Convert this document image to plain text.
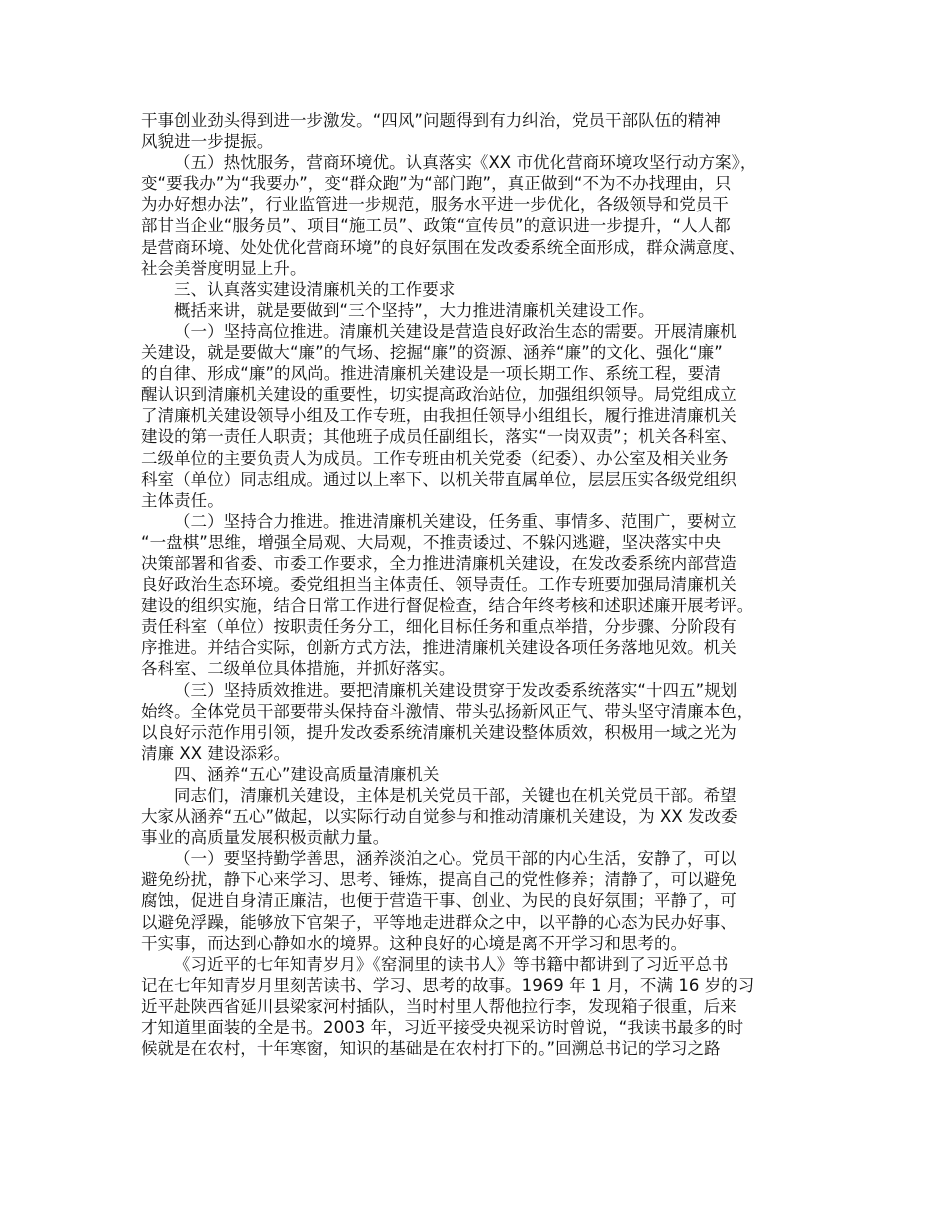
干事创业劲头得到进一步激发。“四风”问题得到有力纠治，党员干部队伍的精神
风貌进一步提振。
（五）热忱服务，营商环境优。认真落实《XX 市优化营商环境攻坚行动方案》，
变“要我办”为“我要办”，变“群众跑”为“部门跑”，真正做到“不为不办找理由，只
为办好想办法”，行业监管进一步规范，服务水平进一步优化，各级领导和党员干
部甘当企业“服务员”、项目“施工员”、政策“宣传员”的意识进一步提升，“人人都
是营商环境、处处优化营商环境”的良好氛围在发改委系统全面形成，群众满意度、
社会美誉度明显上升。
三、认真落实建设清廉机关的工作要求
概括来讲，就是要做到“三个坚持”，大力推进清廉机关建设工作。
（一）坚持高位推进。清廉机关建设是营造良好政治生态的需要。开展清廉机
关建设，就是要做大“廉”的气场、挖掘“廉”的资源、涵养“廉”的文化、强化“廉”
的自律、形成“廉”的风尚。推进清廉机关建设是一项长期工作、系统工程，要清
醒认识到清廉机关建设的重要性，切实提高政治站位，加强组织领导。局党组成立
了清廉机关建设领导小组及工作专班，由我担任领导小组组长，履行推进清廉机关
建设的第一责任人职责；其他班子成员任副组长，落实“一岗双责”；机关各科室、
二级单位的主要负责人为成员。工作专班由机关党委（纪委）、办公室及相关业务
科室（单位）同志组成。通过以上率下、以机关带直属单位，层层压实各级党组织
主体责任。
（二）坚持合力推进。推进清廉机关建设，任务重、事情多、范围广，要树立
“一盘棋”思维，增强全局观、大局观，不推责诿过、不躲闪逃避，坚决落实中央
决策部署和省委、市委工作要求，全力推进清廉机关建设，在发改委系统内部营造
良好政治生态环境。委党组担当主体责任、领导责任。工作专班要加强局清廉机关
建设的组织实施，结合日常工作进行督促检查，结合年终考核和述职述廉开展考评。
责任科室（单位）按职责任务分工，细化目标任务和重点举措，分步骤、分阶段有
序推进。并结合实际，创新方式方法，推进清廉机关建设各项任务落地见效。机关
各科室、二级单位具体措施，并抓好落实。
（三）坚持质效推进。要把清廉机关建设贯穿于发改委系统落实“十四五”规划
始终。全体党员干部要带头保持奋斗激情、带头弘扬新风正气、带头坚守清廉本色，
以良好示范作用引领，提升发改委系统清廉机关建设整体质效，积极用一域之光为
清廉 XX 建设添彩。
四、涵养“五心”建设高质量清廉机关
同志们，清廉机关建设，主体是机关党员干部，关键也在机关党员干部。希望
大家从涵养“五心”做起，以实际行动自觉参与和推动清廉机关建设，为 XX 发改委
事业的高质量发展积极贡献力量。
（一）要坚持勤学善思，涵养淡泊之心。党员干部的内心生活，安静了，可以
避免纷扰，静下心来学习、思考、锤炼，提高自己的党性修养；清静了，可以避免
腐蚀，促进自身清正廉洁，也便于营造干事、创业、为民的良好氛围；平静了，可
以避免浮躁，能够放下官架子，平等地走进群众之中，以平静的心态为民办好事、
干实事，而达到心静如水的境界。这种良好的心境是离不开学习和思考的。
《习近平的七年知青岁月》《窑洞里的读书人》等书籍中都讲到了习近平总书
记在七年知青岁月里刻苦读书、学习、思考的故事。1969 年 1 月，不满 16 岁的习
近平赴陕西省延川县梁家河村插队，当时村里人帮他拉行李，发现箱子很重，后来
才知道里面装的全是书。2003 年，习近平接受央视采访时曾说，“我读书最多的时
候就是在农村，十年寒窗，知识的基础是在农村打下的。”回溯总书记的学习之路
